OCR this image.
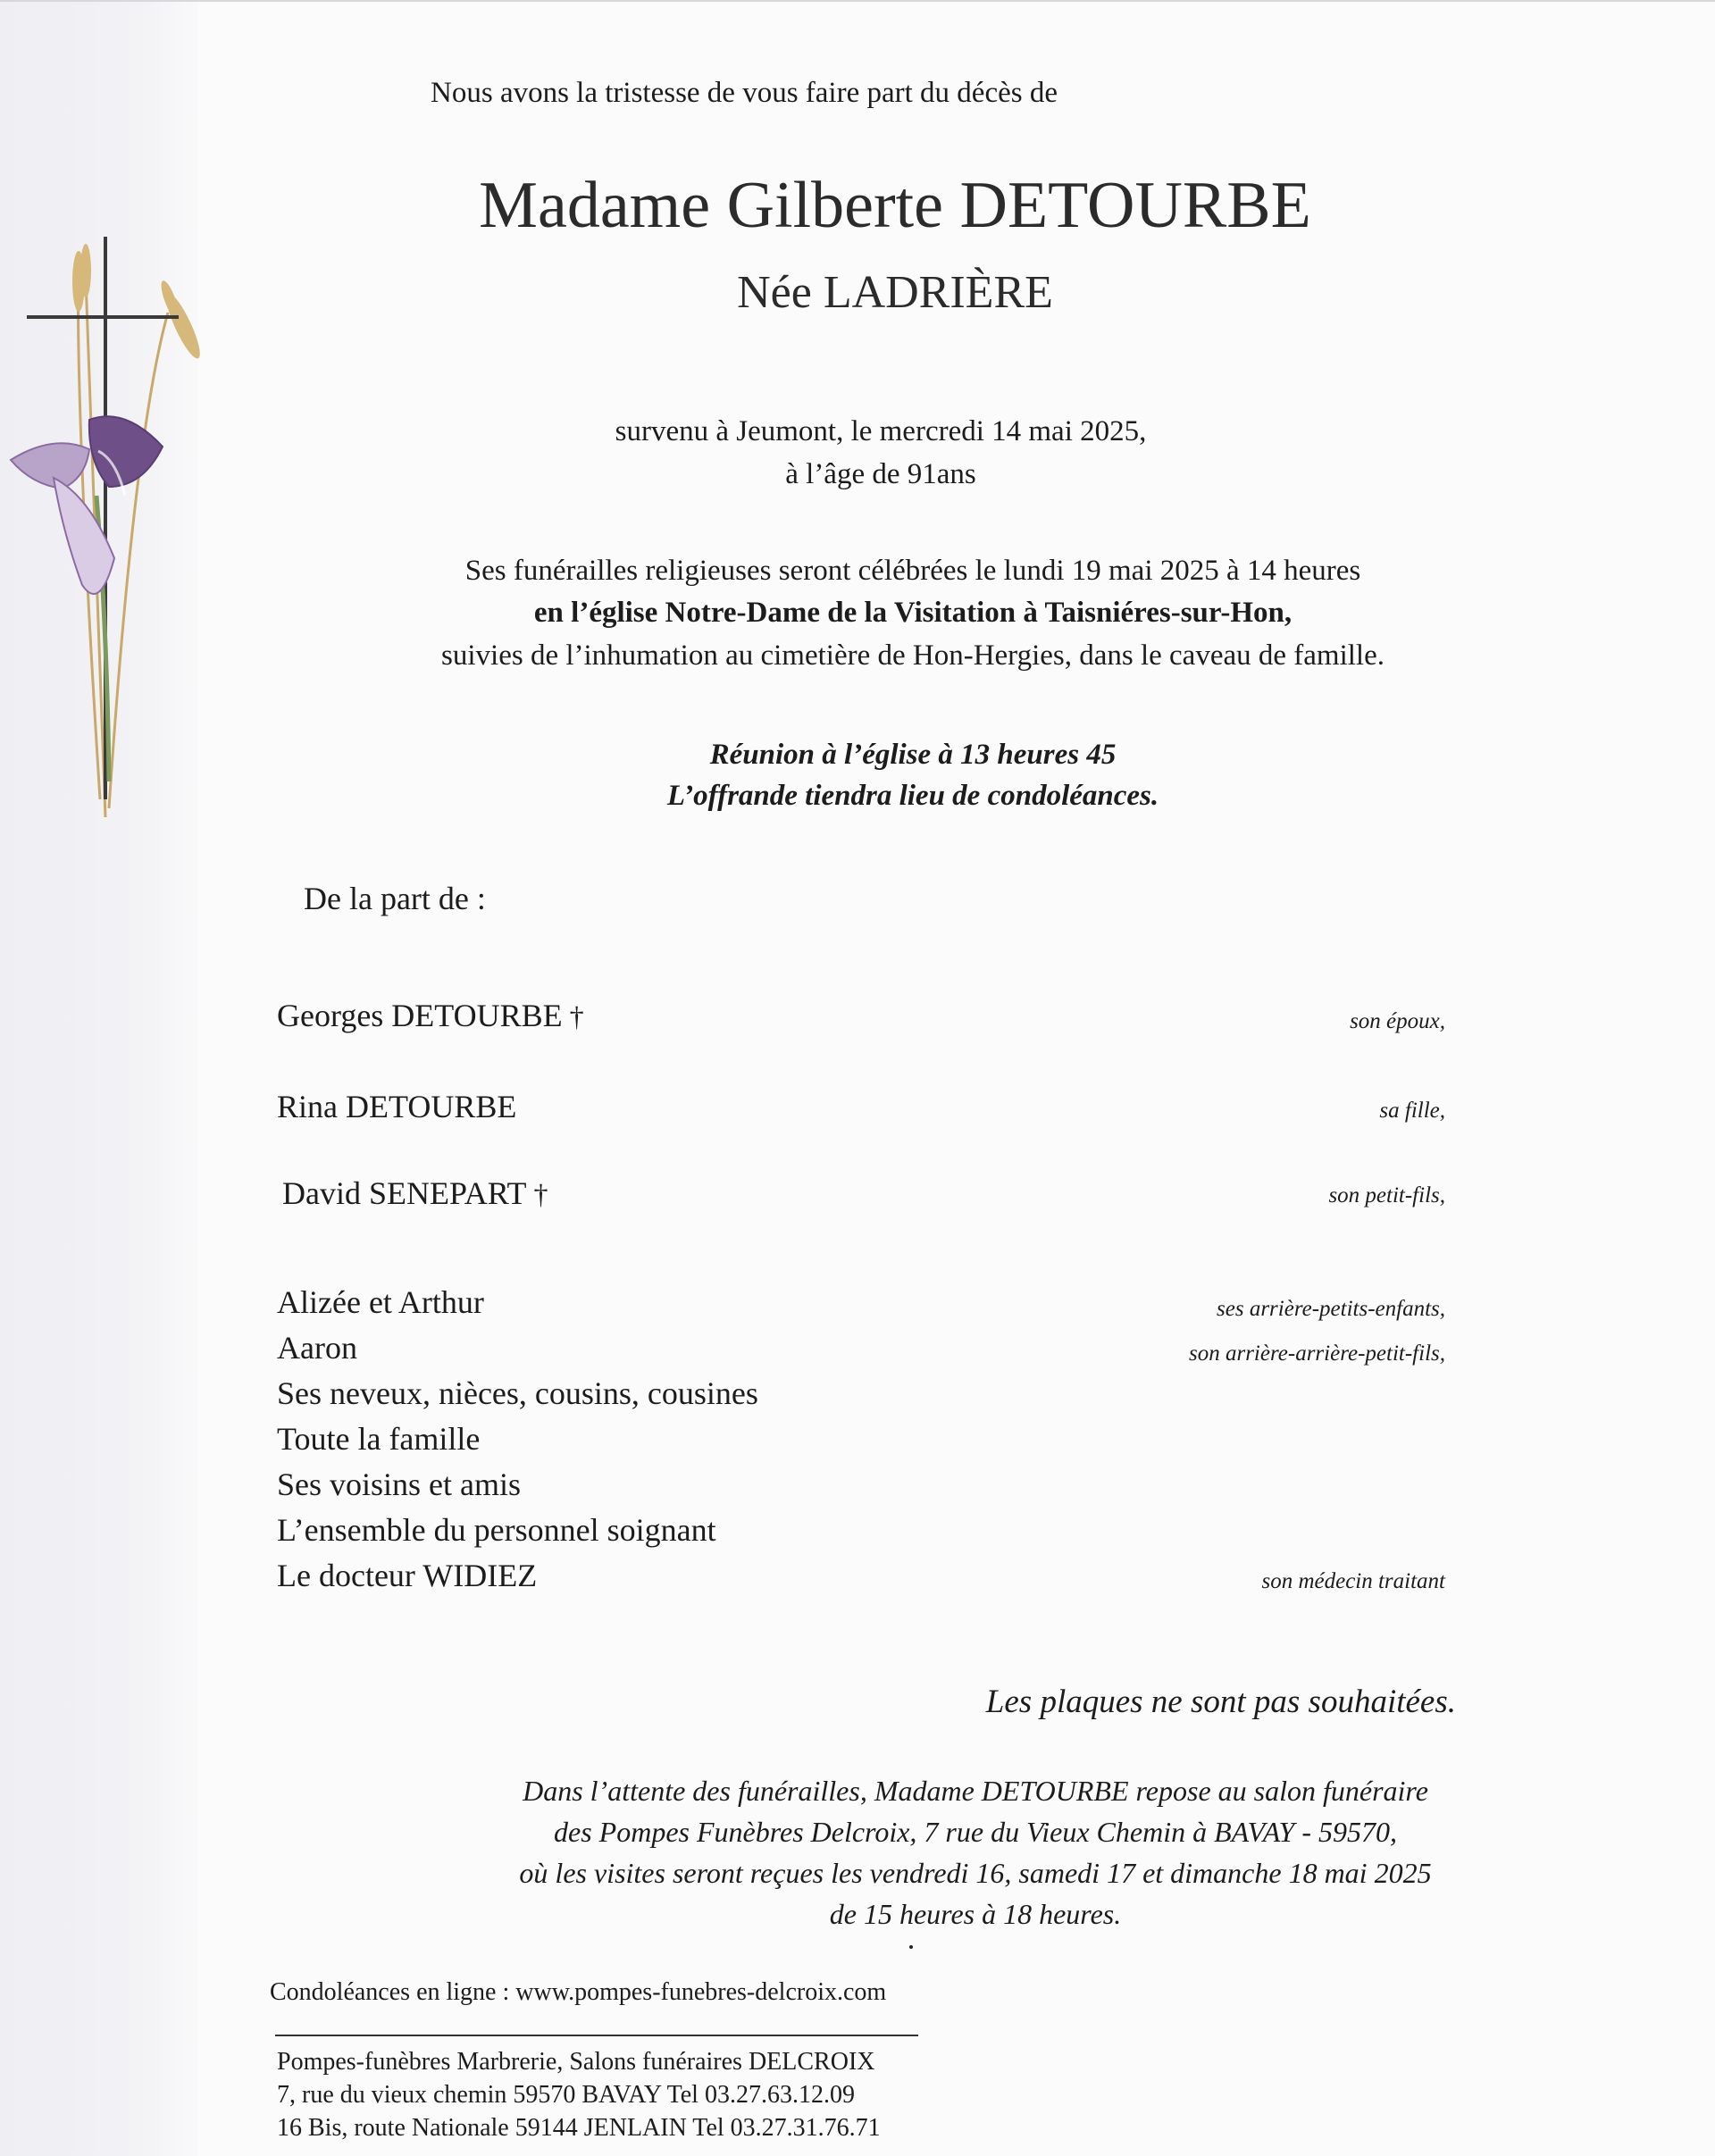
Nous avons la tristesse de vous faire part du décès de
Madame Gilberte DETOURBE
Née LADRIÈRE
survenu à Jeumont, le mercredi 14 mai 2025,
à l’âge de 91ans
Ses funérailles religieuses seront célébrées le lundi 19 mai 2025 à 14 heures
en l’église Notre-Dame de la Visitation à Taisniéres-sur-Hon,
suivies de l’inhumation au cimetière de Hon-Hergies, dans le caveau de famille.
Réunion à l’église à 13 heures 45
L’offrande tiendra lieu de condoléances.
De la part de :
Georges DETOURBE †	son époux,
Rina DETOURBE	sa fille,
David SENEPART †	son petit-fils,
Alizée et Arthur	ses arrière-petits-enfants,
Aaron	son arrière-arrière-petit-fils,
Ses neveux, nièces, cousins, cousines
Toute la famille
Ses voisins et amis
L’ensemble du personnel soignant
Le docteur WIDIEZ	son médecin traitant
Les plaques ne sont pas souhaitées.
Dans l’attente des funérailles, Madame DETOURBE repose au salon funéraire
des Pompes Funèbres Delcroix, 7 rue du Vieux Chemin à BAVAY - 59570,
où les visites seront reçues les vendredi 16, samedi 17 et dimanche 18 mai 2025
de 15 heures à 18 heures.
Condoléances en ligne : www.pompes-funebres-delcroix.com
Pompes-funèbres Marbrerie, Salons funéraires DELCROIX
7, rue du vieux chemin 59570 BAVAY Tel 03.27.63.12.09
16 Bis, route Nationale 59144 JENLAIN Tel 03.27.31.76.71
